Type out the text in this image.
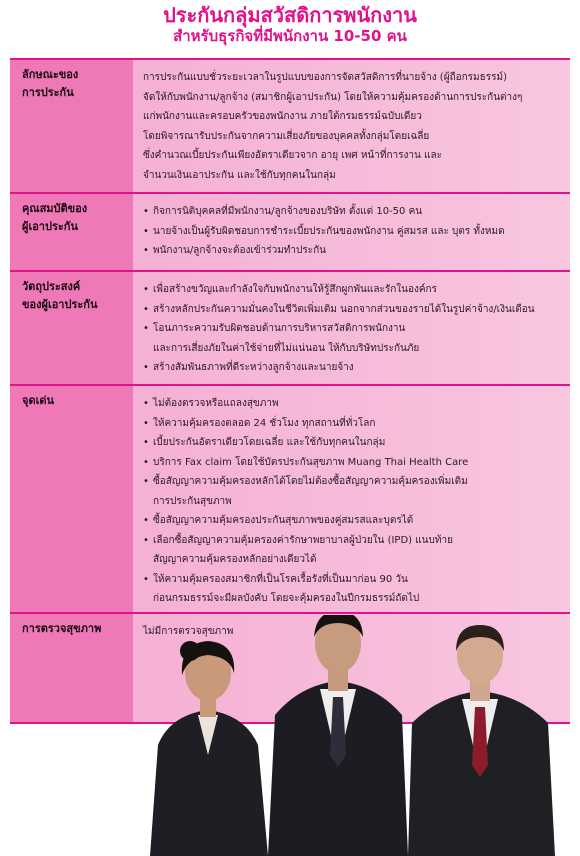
ประกันกลุ่มสวัสดิการพนักงาน
สำหรับธุรกิจที่มีพนักงาน 10-50 คน
ลักษณะของ
การประกัน

การประกันแบบชั่วระยะเวลาในรูปแบบของการจัดสวัสดิการที่นายจ้าง (ผู้ถือกรมธรรม์)

จัดให้กับพนักงาน/ลูกจ้าง (สมาชิกผู้เอาประกัน) โดยให้ความคุ้มครองด้านการประกันต่างๆ

แก่พนักงานและครอบครัวของพนักงาน ภายใต้กรมธรรม์ฉบับเดียว

โดยพิจารณารับประกันจากความเสี่ยงภัยของบุคคลทั้งกลุ่มโดยเฉลี่ย

ซึ่งคำนวณเบี้ยประกันเพียงอัตราเดียวจาก อายุ เพศ หน้าที่การงาน และ

จำนวนเงินเอาประกัน และใช้กับทุกคนในกลุ่ม

คุณสมบัติของ
ผู้เอาประกัน
• กิจการนิติบุคคลที่มีพนักงาน/ลูกจ้างของบริษัท ตั้งแต่ 10-50 คน
• นายจ้างเป็นผู้รับผิดชอบการชำระเบี้ยประกันของพนักงาน คู่สมรส และ บุตร ทั้งหมด
• พนักงาน/ลูกจ้างจะต้องเข้าร่วมทำประกัน
วัตถุประสงค์
ของผู้เอาประกัน
• เพื่อสร้างขวัญและกำลังใจกับพนักงานให้รู้สึกผูกพันและรักในองค์กร
• สร้างหลักประกันความมั่นคงในชีวิตเพิ่มเติม นอกจากส่วนของรายได้ในรูปค่าจ้าง/เงินเดือน
• โอนภาระความรับผิดชอบด้านการบริหารสวัสดิการพนักงาน
และการเสี่ยงภัยในค่าใช้จ่ายที่ไม่แน่นอน ให้กับบริษัทประกันภัย
• สร้างสัมพันธภาพที่ดีระหว่างลูกจ้างและนายจ้าง
จุดเด่น
•	ไม่ต้องตรวจหรือแถลงสุขภาพ
• ให้ความคุ้มครองตลอด 24 ชั่วโมง ทุกสถานที่ทั่วโลก
• เบี้ยประกันอัตราเดียวโดยเฉลี่ย และใช้กับทุกคนในกลุ่ม
• บริการ Fax claim โดยใช้บัตรประกันสุขภาพ Muang Thai Health Care
• ซื้อสัญญาความคุ้มครองหลักได้โดยไม่ต้องซื้อสัญญาความคุ้มครองเพิ่มเติม
การประกันสุขภาพ
• ซื้อสัญญาความคุ้มครองประกันสุขภาพของคู่สมรสและบุตรได้
• เลือกซื้อสัญญาความคุ้มครองค่ารักษาพยาบาลผู้ป่วยใน (IPD) แนบท้าย
สัญญาความคุ้มครองหลักอย่างเดียวได้
• ให้ความคุ้มครองสมาชิกที่เป็นโรคเรื้อรังที่เป็นมาก่อน 90 วัน
ก่อนกรมธรรม์จะมีผลบังคับ โดยจะคุ้มครองในปีกรมธรรม์ถัดไป
การตรวจสุขภาพ	ไม่มีการตรวจสุขภาพ
